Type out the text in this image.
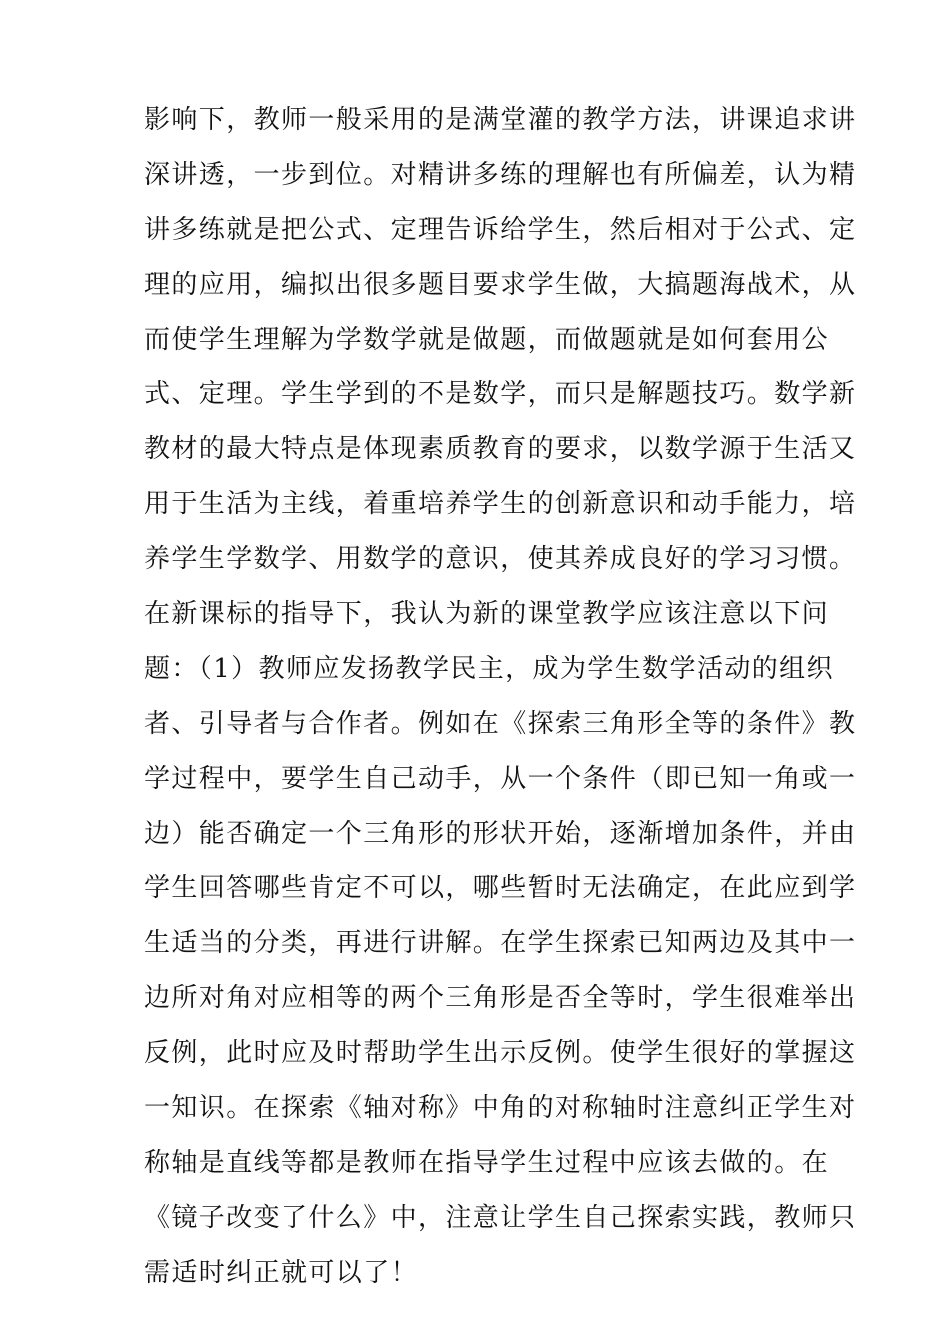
影响下，教师一般采用的是满堂灌的教学方法，讲课追求讲
深讲透，一步到位。对精讲多练的理解也有所偏差，认为精
讲多练就是把公式、定理告诉给学生，然后相对于公式、定
理的应用，编拟出很多题目要求学生做，大搞题海战术，从
而使学生理解为学数学就是做题，而做题就是如何套用公
式、定理。学生学到的不是数学，而只是解题技巧。数学新
教材的最大特点是体现素质教育的要求，以数学源于生活又
用于生活为主线，着重培养学生的创新意识和动手能力，培
养学生学数学、用数学的意识，使其养成良好的学习习惯。
在新课标的指导下，我认为新的课堂教学应该注意以下问
题：（1）教师应发扬教学民主，成为学生数学活动的组织
者、引导者与合作者。例如在《探索三角形全等的条件》教
学过程中，要学生自己动手，从一个条件（即已知一角或一
边）能否确定一个三角形的形状开始，逐渐增加条件，并由
学生回答哪些肯定不可以，哪些暂时无法确定，在此应到学
生适当的分类，再进行讲解。在学生探索已知两边及其中一
边所对角对应相等的两个三角形是否全等时，学生很难举出
反例，此时应及时帮助学生出示反例。使学生很好的掌握这
一知识。在探索《轴对称》中角的对称轴时注意纠正学生对
称轴是直线等都是教师在指导学生过程中应该去做的。在
《镜子改变了什么》中，注意让学生自己探索实践，教师只
需适时纠正就可以了！
